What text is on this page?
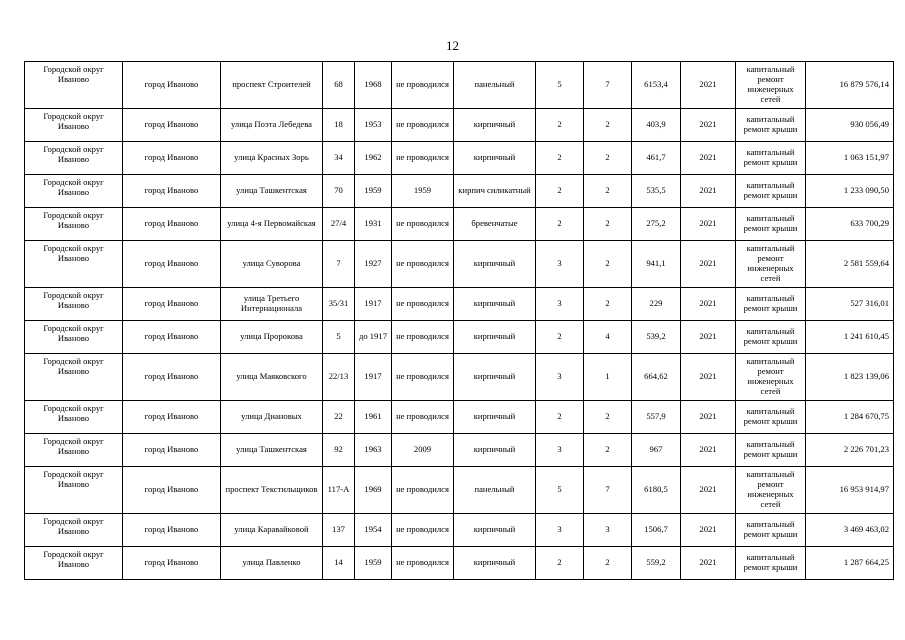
12
Городской округ Иваново	город Иваново	проспект Строителей	68	1968	не проводился	панельный	5	7	6153,4	2021	капитальный ремонт инженерных сетей	16 879 576,14
Городской округ Иваново	город Иваново	улица Поэта Лебедева	18	1953	не проводился	кирпичный	2	2	403,9	2021	капитальный ремонт крыши	930 056,49
Городской округ Иваново	город Иваново	улица Красных Зорь	34	1962	не проводился	кирпичный	2	2	461,7	2021	капитальный ремонт крыши	1 063 151,97
Городской округ Иваново	город Иваново	улица Ташкентская	70	1959	1959	кирпич силикатный	2	2	535,5	2021	капитальный ремонт крыши	1 233 090,50
Городской округ Иваново	город Иваново	улица 4-я Первомайская	27/4	1931	не проводился	бревенчатые	2	2	275,2	2021	капитальный ремонт крыши	633 700,29
Городской округ Иваново	город Иваново	улица Суворова	7	1927	не проводился	кирпичный	3	2	941,1	2021	капитальный ремонт инженерных сетей	2 581 559,64
Городской округ Иваново	город Иваново	улица Третьего Интернационала	35/31	1917	не проводился	кирпичный	3	2	229	2021	капитальный ремонт крыши	527 316,01
Городской округ Иваново	город Иваново	улица Пророкова	5	до 1917	не проводился	кирпичный	2	4	539,2	2021	капитальный ремонт крыши	1 241 610,45
Городской округ Иваново	город Иваново	улица Маяковского	22/13	1917	не проводился	кирпичный	3	1	664,62	2021	капитальный ремонт инженерных сетей	1 823 139,06
Городской округ Иваново	город Иваново	улица Диановых	22	1961	не проводился	кирпичный	2	2	557,9	2021	капитальный ремонт крыши	1 284 670,75
Городской округ Иваново	город Иваново	улица Ташкентская	92	1963	2009	кирпичный	3	2	967	2021	капитальный ремонт крыши	2 226 701,23
Городской округ Иваново	город Иваново	проспект Текстильщиков	117-А	1969	не проводился	панельный	5	7	6180,5	2021	капитальный ремонт инженерных сетей	16 953 914,97
Городской округ Иваново	город Иваново	улица Каравайковой	137	1954	не проводился	кирпичный	3	3	1506,7	2021	капитальный ремонт крыши	3 469 463,02
Городской округ Иваново	город Иваново	улица Павленко	14	1959	не проводился	кирпичный	2	2	559,2	2021	капитальный ремонт крыши	1 287 664,25
